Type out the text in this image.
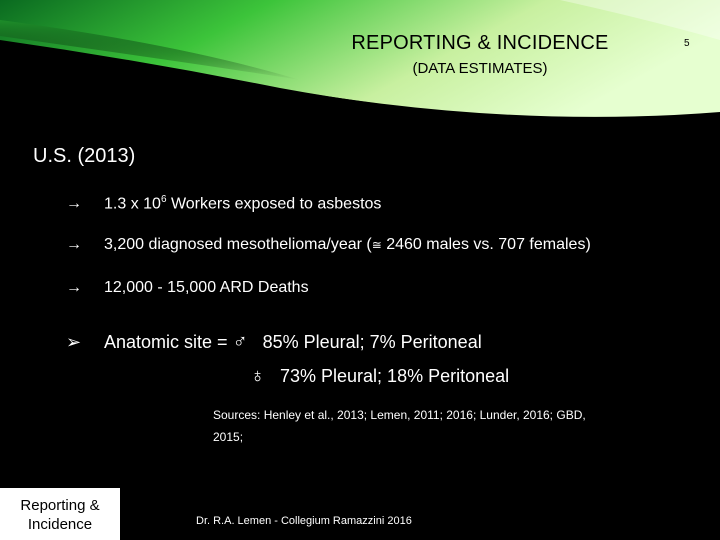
REPORTING & INCIDENCE
(DATA ESTIMATES)
5
U.S. (2013)
→ 1.3 x $10^6$ Workers exposed to asbestos
→ 3,200 diagnosed mesothelioma/year (≅ 2460 males vs. 707 females)
→ 12,000 - 15,000 ARD Deaths
➢ Anatomic site = ♂ 85% Pleural; 7% Peritoneal
♁ 73% Pleural; 18% Peritoneal
Sources: Henley et al., 2013; Lemen, 2011; 2016; Lunder, 2016; GBD,
2015;
Reporting &
Incidence	Dr. R.A. Lemen - Collegium Ramazzini 2016
